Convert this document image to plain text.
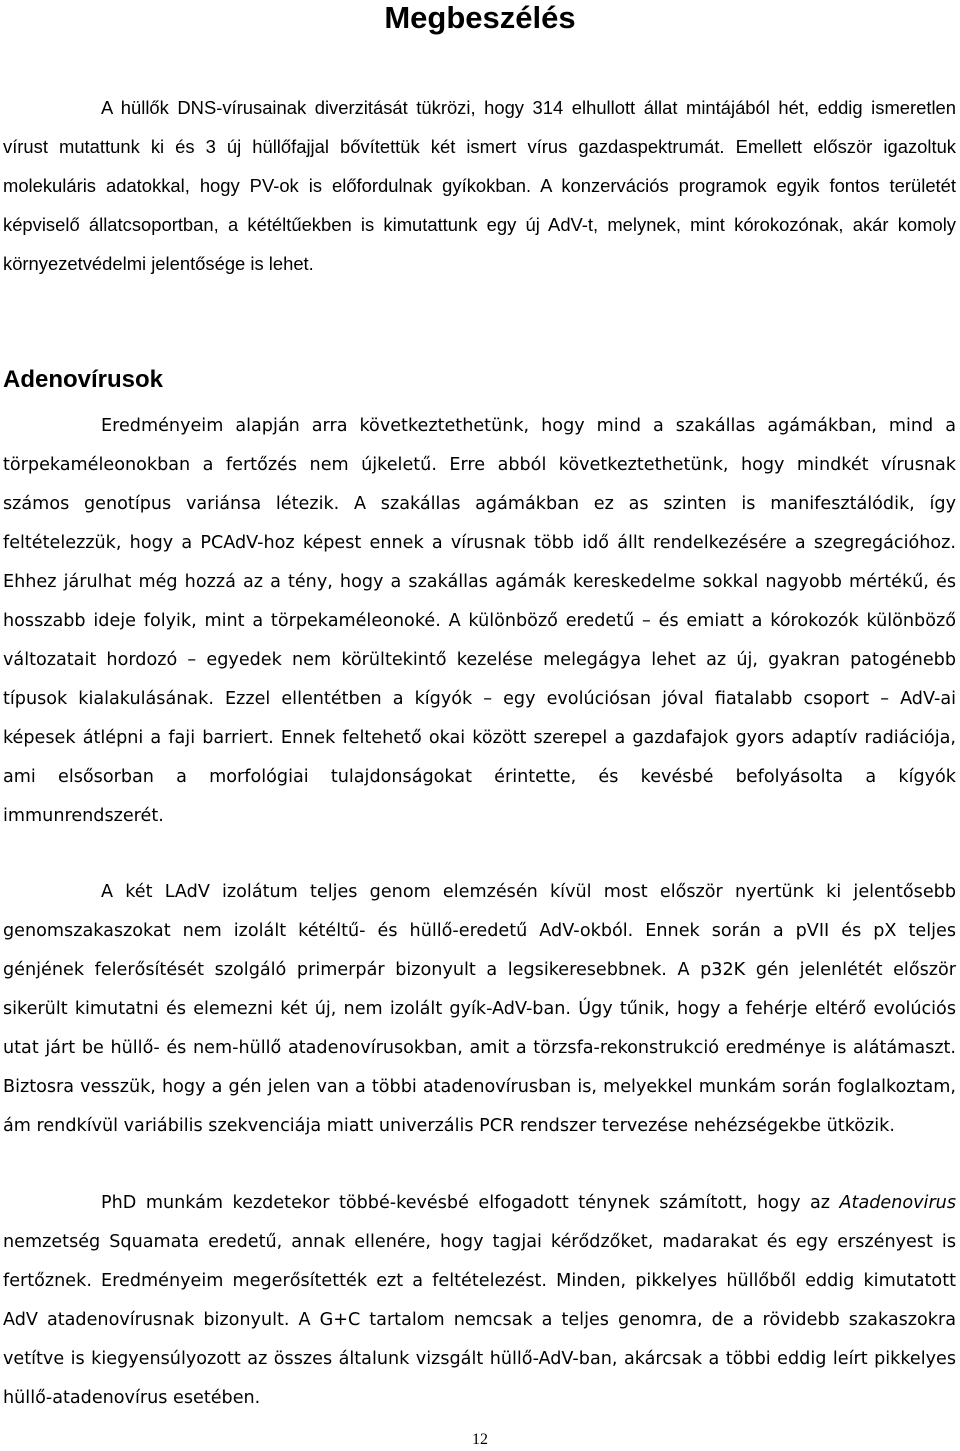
Megbeszélés

A hüllők DNS-vírusainak diverzitását tükrözi, hogy 314 elhullott állat mintájából hét, eddig ismeretlen vírust mutattunk ki és 3 új hüllőfajjal bővítettük két ismert vírus gazdaspektrumát. Emellett először igazoltuk molekuláris adatokkal, hogy PV-ok is előfordulnak gyíkokban. A konzervációs programok egyik fontos területét képviselő állatcsoportban, a kétéltűekben is kimutattunk egy új AdV-t, melynek, mint kórokozónak, akár komoly környezetvédelmi jelentősége is lehet.

Adenovírusok

Eredményeim alapján arra következtethetünk, hogy mind a szakállas agámákban, mind a törpekaméleonokban a fertőzés nem újkeletű. Erre abból következtethetünk, hogy mindkét vírusnak számos genotípus variánsa létezik. A szakállas agámákban ez as szinten is manifesztálódik, így feltételezzük, hogy a PCAdV-hoz képest ennek a vírusnak több idő állt rendelkezésére a szegregációhoz. Ehhez járulhat még hozzá az a tény, hogy a szakállas agámák kereskedelme sokkal nagyobb mértékű, és hosszabb ideje folyik, mint a törpekaméleonoké. A különböző eredetű – és emiatt a kórokozók különböző változatait hordozó – egyedek nem körültekintő kezelése melegágya lehet az új, gyakran patogénebb típusok kialakulásának. Ezzel ellentétben a kígyók – egy evolúciósan jóval fiatalabb csoport – AdV-ai képesek átlépni a faji barriert. Ennek feltehető okai között szerepel a gazdafajok gyors adaptív radiációja, ami elsősorban a morfológiai tulajdonságokat érintette, és kevésbé befolyásolta a kígyók immunrendszerét.

A két LAdV izolátum teljes genom elemzésén kívül most először nyertünk ki jelentősebb genomszakaszokat nem izolált kétéltű- és hüllő-eredetű AdV-okból. Ennek során a pVII és pX teljes génjének felerősítését szolgáló primerpár bizonyult a legsikeresebbnek. A p32K gén jelenlétét először sikerült kimutatni és elemezni két új, nem izolált gyík-AdV-ban. Úgy tűnik, hogy a fehérje eltérő evolúciós utat járt be hüllő- és nem-hüllő atadenovírusokban, amit a törzsfa-rekonstrukció eredménye is alátámaszt. Biztosra vesszük, hogy a gén jelen van a többi atadenovírusban is, melyekkel munkám során foglalkoztam, ám rendkívül variábilis szekvenciája miatt univerzális PCR rendszer tervezése nehézségekbe ütközik.

PhD munkám kezdetekor többé-kevésbé elfogadott ténynek számított, hogy az Atadenovirus nemzetség Squamata eredetű, annak ellenére, hogy tagjai kérődzőket, madarakat és egy erszényest is fertőznek. Eredményeim megerősítették ezt a feltételezést. Minden, pikkelyes hüllőből eddig kimutatott AdV atadenovírusnak bizonyult. A G+C tartalom nemcsak a teljes genomra, de a rövidebb szakaszokra vetítve is kiegyensúlyozott az összes általunk vizsgált hüllő-AdV-ban, akárcsak a többi eddig leírt pikkelyes hüllő-atadenovírus esetében.

12
